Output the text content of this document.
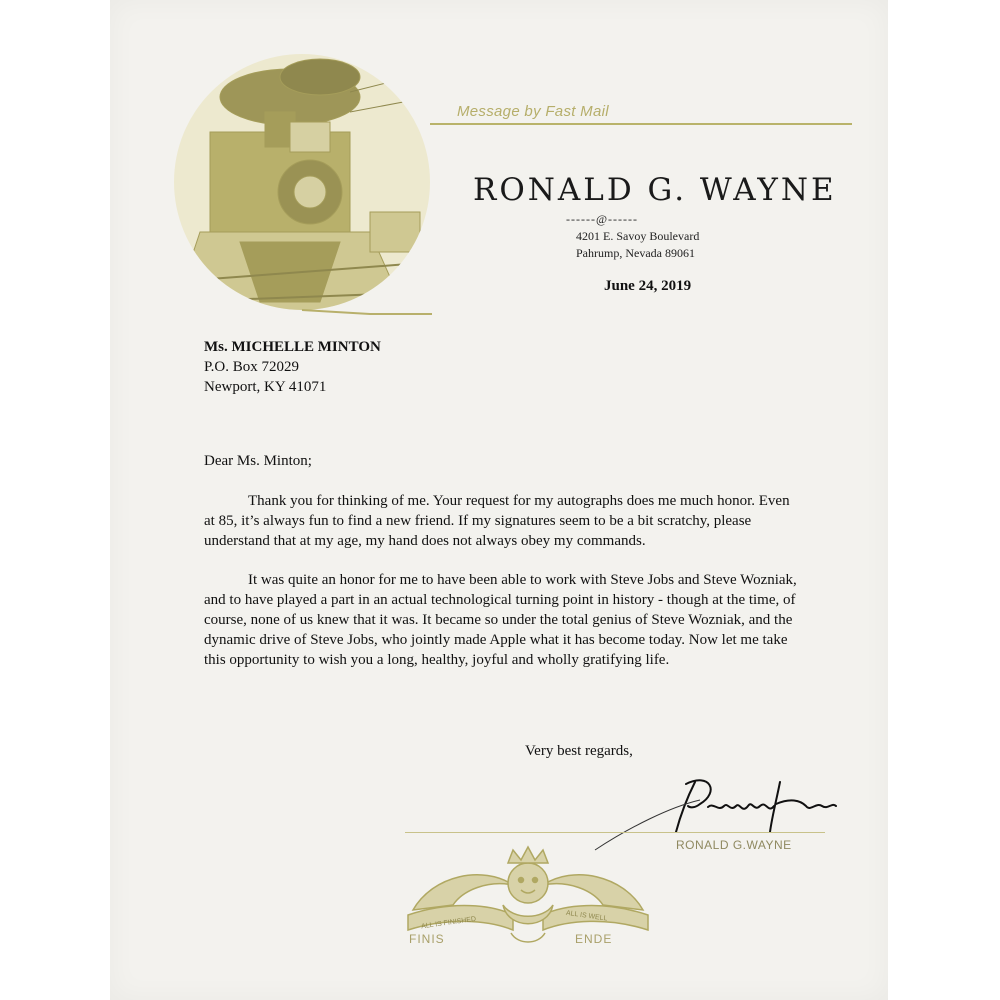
Message by Fast Mail
RONALD G. WAYNE
------@------
4201 E. Savoy Boulevard
Pahrump, Nevada 89061
June 24, 2019
Ms. MICHELLE MINTON
P.O. Box 72029
Newport, KY 41071
Dear Ms. Minton;

Thank you for thinking of me. Your request for my autographs does me much honor. Even at 85, it’s always fun to find a new friend. If my signatures seem to be a bit scratchy, please understand that at my age, my hand does not always obey my commands.

It was quite an honor for me to have been able to work with Steve Jobs and Steve Wozniak, and to have played a part in an actual technological turning point in history - though at the time, of course, none of us knew that it was. It became so under the total genius of Steve Wozniak, and the dynamic drive of Steve Jobs, who jointly made Apple what it has become today. Now let me take this opportunity to wish you a long, healthy, joyful and wholly gratifying life.

Very best regards,
RONALD G.WAYNE
ALL IS FINISHED	ALL IS WELL
FINIS	ENDE
